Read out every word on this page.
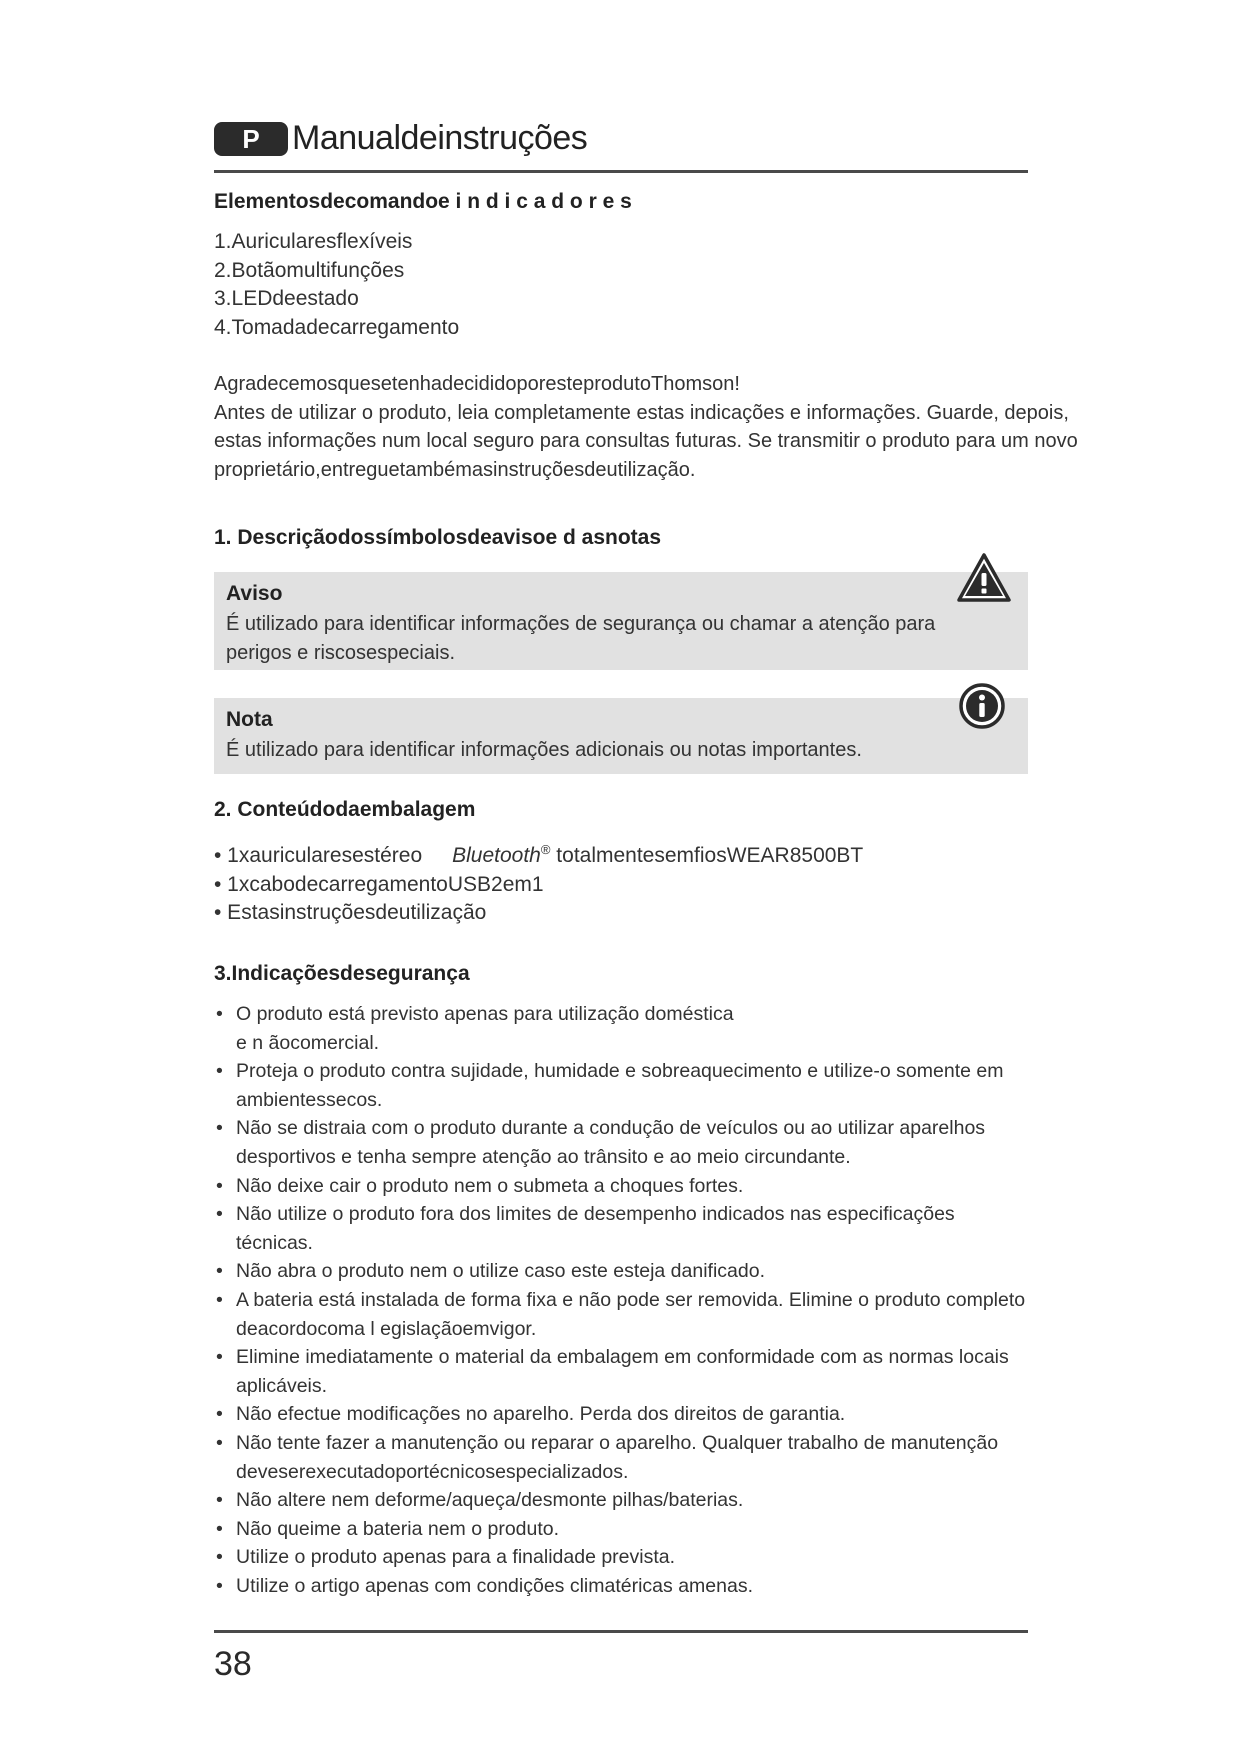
P Manualdeinstruções
Elementosdecomandoe i n d i c a d o r e s
1.Auricularesflexíveis
2.Botãomultifunções
3.LEDdeestado
4.Tomadadecarregamento
AgradecemosquesetenhadecididoporesteprodutoThomson!
Antes de utilizar o produto, leia completamente estas indicações e informações. Guarde, depois,
estas informações num local seguro para consultas futuras. Se transmitir o produto para um novo
proprietário,entreguetambémasinstruçõesdeutilização.
1. Descriçãodossímbolosdeavisoe d asnotas
Aviso
É utilizado para identificar informações de segurança ou chamar a atenção para perigos e riscosespeciais.
Nota
É utilizado para identificar informações adicionais ou notas importantes.
2. Conteúdodaembalagem
• 1xauricularesestéreo Bluetooth® totalmentesemfiosWEAR8500BT
• 1xcabodecarregamentoUSB2em1
• Estasinstruçõesdeutilização
3.Indicaçõesdesegurança
• O produto está previsto apenas para utilização doméstica
e n ãocomercial.
• Proteja o produto contra sujidade, humidade e sobreaquecimento e utilize-o somente em ambientessecos.
• Não se distraia com o produto durante a condução de veículos ou ao utilizar aparelhos desportivos e tenha sempre atenção ao trânsito e ao meio circundante.
• Não deixe cair o produto nem o submeta a choques fortes.
• Não utilize o produto fora dos limites de desempenho indicados nas especificações técnicas.
• Não abra o produto nem o utilize caso este esteja danificado.
• A bateria está instalada de forma fixa e não pode ser removida. Elimine o produto completo deacordocoma l egislaçãoemvigor.
• Elimine imediatamente o material da embalagem em conformidade com as normas locais aplicáveis.
• Não efectue modificações no aparelho. Perda dos direitos de garantia.
• Não tente fazer a manutenção ou reparar o aparelho. Qualquer trabalho de manutenção deveserexecutadoportécnicosespecializados.
• Não altere nem deforme/aqueça/desmonte pilhas/baterias.
• Não queime a bateria nem o produto.
• Utilize o produto apenas para a finalidade prevista.
• Utilize o artigo apenas com condições climatéricas amenas.
38
